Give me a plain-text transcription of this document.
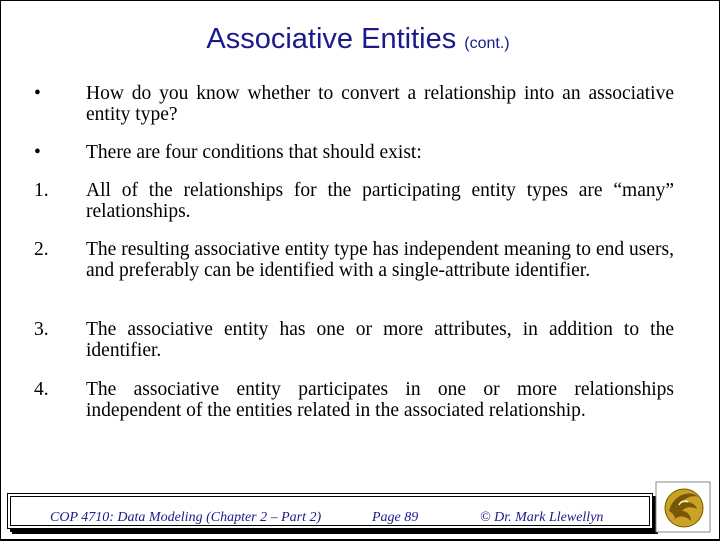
Associative Entities (cont.)
•	How do you know whether to convert a relationship into an associative entity type?
•	There are four conditions that should exist:
1.	All of the relationships for the participating entity types are “many” relationships.
2.	The resulting associative entity type has independent meaning to end users, and preferably can be identified with a single-attribute identifier.
3.	The associative entity has one or more attributes, in addition to the identifier.
4.	The associative entity participates in one or more relationships independent of the entities related in the associated relationship.
COP 4710: Data Modeling (Chapter 2 – Part 2)	Page 89	© Dr. Mark Llewellyn
